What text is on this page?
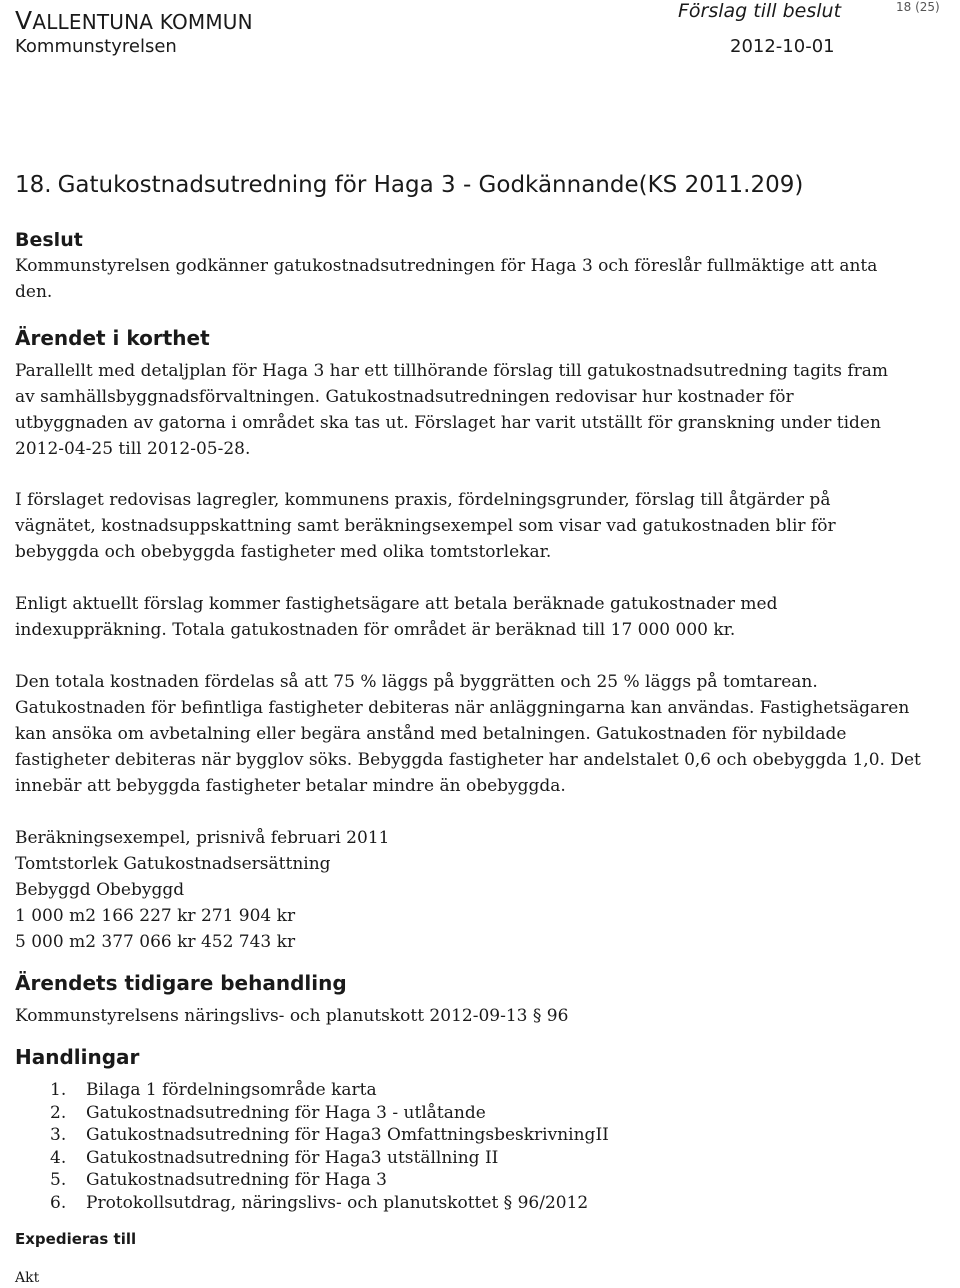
VALLENTUNA KOMMUN	Förslag till beslut	18 (25)
Kommunstyrelsen	2012-10-01
18. Gatukostnadsutredning för Haga 3 - Godkännande(KS 2011.209)
Beslut

Kommunstyrelsen godkänner gatukostnadsutredningen för Haga 3 och föreslår fullmäktige att anta

den.

Ärendet i korthet

Parallellt med detaljplan för Haga 3 har ett tillhörande förslag till gatukostnadsutredning tagits fram

av samhällsbyggnadsförvaltningen. Gatukostnadsutredningen redovisar hur kostnader för

utbyggnaden av gatorna i området ska tas ut. Förslaget har varit utställt för granskning under tiden

2012-04-25 till 2012-05-28.

I förslaget redovisas lagregler, kommunens praxis, fördelningsgrunder, förslag till åtgärder på

vägnätet, kostnadsuppskattning samt beräkningsexempel som visar vad gatukostnaden blir för

bebyggda och obebyggda fastigheter med olika tomtstorlekar.

Enligt aktuellt förslag kommer fastighetsägare att betala beräknade gatukostnader med

indexuppräkning. Totala gatukostnaden för området är beräknad till 17 000 000 kr.

Den totala kostnaden fördelas så att 75 % läggs på byggrätten och 25 % läggs på tomtarean.

Gatukostnaden för befintliga fastigheter debiteras när anläggningarna kan användas. Fastighetsägaren

kan ansöka om avbetalning eller begära anstånd med betalningen. Gatukostnaden för nybildade

fastigheter debiteras när bygglov söks. Bebyggda fastigheter har andelstalet 0,6 och obebyggda 1,0. Det

innebär att bebyggda fastigheter betalar mindre än obebyggda.

Beräkningsexempel, prisnivå februari 2011

Tomtstorlek Gatukostnadsersättning

Bebyggd Obebyggd

1 000 m2 166 227 kr 271 904 kr

5 000 m2 377 066 kr 452 743 kr

Ärendets tidigare behandling

Kommunstyrelsens näringslivs- och planutskott 2012-09-13 § 96

Handlingar
1. Bilaga 1 fördelningsområde karta
2. Gatukostnadsutredning för Haga 3 - utlåtande
3. Gatukostnadsutredning för Haga3 OmfattningsbeskrivningII
4. Gatukostnadsutredning för Haga3 utställning II
5. Gatukostnadsutredning för Haga 3
6. Protokollsutdrag, näringslivs- och planutskottet § 96/2012
Expedieras till
Akt
